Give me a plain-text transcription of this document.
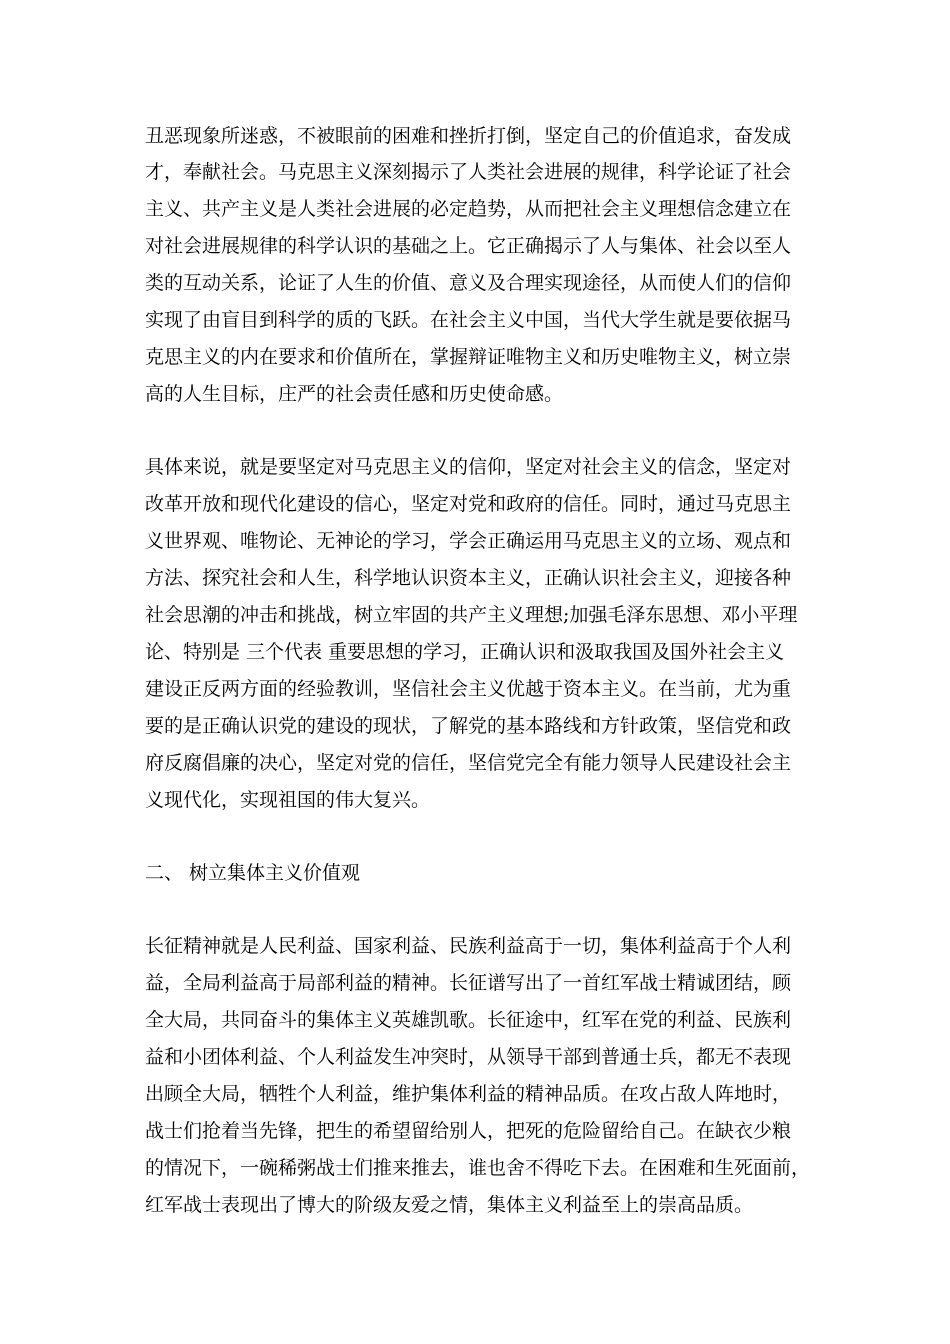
丑恶现象所迷惑，不被眼前的困难和挫折打倒，坚定自己的价值追求，奋发成
才，奉献社会。马克思主义深刻揭示了人类社会进展的规律，科学论证了社会
主义、共产主义是人类社会进展的必定趋势，从而把社会主义理想信念建立在
对社会进展规律的科学认识的基础之上。它正确揭示了人与集体、社会以至人
类的互动关系，论证了人生的价值、意义及合理实现途径，从而使人们的信仰
实现了由盲目到科学的质的飞跃。在社会主义中国，当代大学生就是要依据马
克思主义的内在要求和价值所在，掌握辩证唯物主义和历史唯物主义，树立崇
高的人生目标，庄严的社会责任感和历史使命感。
具体来说，就是要坚定对马克思主义的信仰，坚定对社会主义的信念，坚定对
改革开放和现代化建设的信心，坚定对党和政府的信任。同时，通过马克思主
义世界观、唯物论、无神论的学习，学会正确运用马克思主义的立场、观点和
方法、探究社会和人生，科学地认识资本主义，正确认识社会主义，迎接各种
社会思潮的冲击和挑战，树立牢固的共产主义理想;加强毛泽东思想、邓小平理
论、特别是 三个代表 重要思想的学习，正确认识和汲取我国及国外社会主义
建设正反两方面的经验教训，坚信社会主义优越于资本主义。在当前，尤为重
要的是正确认识党的建设的现状，了解党的基本路线和方针政策，坚信党和政
府反腐倡廉的决心，坚定对党的信任，坚信党完全有能力领导人民建设社会主
义现代化，实现祖国的伟大复兴。
二、 树立集体主义价值观
长征精神就是人民利益、国家利益、民族利益高于一切，集体利益高于个人利
益，全局利益高于局部利益的精神。长征谱写出了一首红军战士精诚团结，顾
全大局，共同奋斗的集体主义英雄凯歌。长征途中，红军在党的利益、民族利
益和小团体利益、个人利益发生冲突时，从领导干部到普通士兵，都无不表现
出顾全大局，牺牲个人利益，维护集体利益的精神品质。在攻占敌人阵地时，
战士们抢着当先锋，把生的希望留给别人，把死的危险留给自己。在缺衣少粮
的情况下，一碗稀粥战士们推来推去，谁也舍不得吃下去。在困难和生死面前，
红军战士表现出了博大的阶级友爱之情，集体主义利益至上的崇高品质。
